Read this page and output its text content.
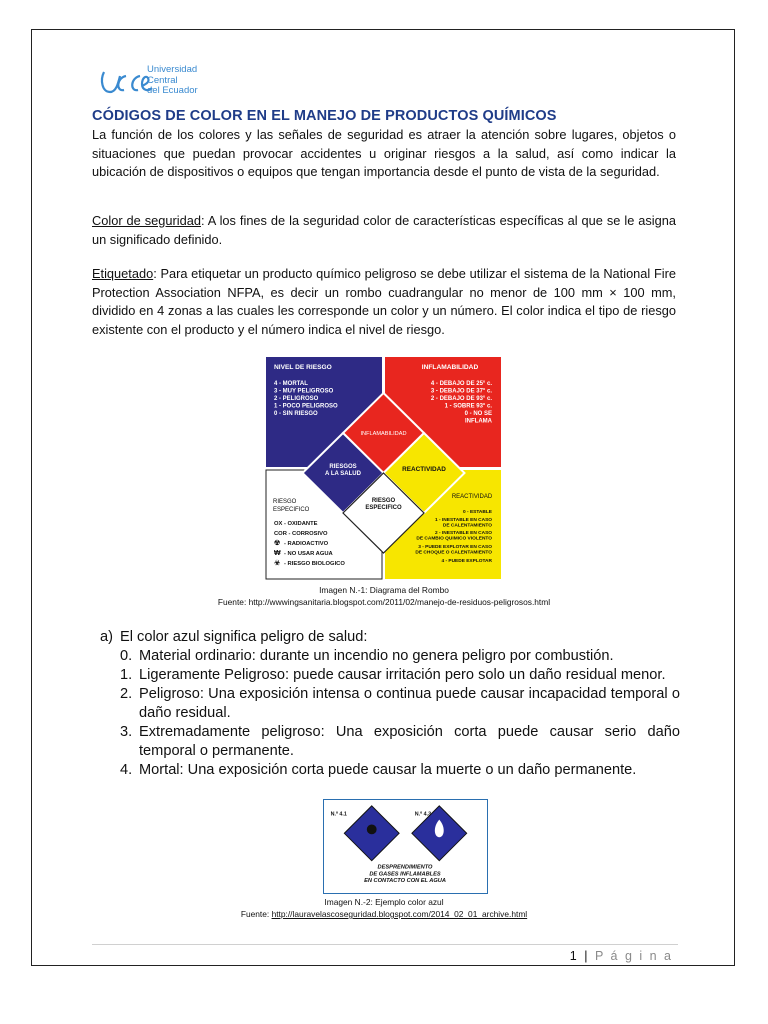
Universidad
Central
del Ecuador
CÓDIGOS DE COLOR EN EL MANEJO DE PRODUCTOS QUÍMICOS
La función de los colores y las señales de seguridad es atraer la atención sobre lugares, objetos o situaciones que puedan provocar accidentes u originar riesgos a la salud, así como indicar la ubicación de dispositivos o equipos que tengan importancia desde el punto de vista de la seguridad.
Color de seguridad: A los fines de la seguridad color de características específicas al que se le asigna un significado definido.
Etiquetado: Para etiquetar un producto químico peligroso se debe utilizar el sistema de la National Fire Protection Association NFPA, es decir un rombo cuadrangular no menor de 100 mm × 100 mm, dividido en 4 zonas a las cuales les corresponde un color y un número. El color indica el tipo de riesgo existente con el producto y el número indica el nivel de riesgo.
NIVEL DE RIESGO
4 - MORTAL
3 - MUY PELIGROSO
2 - PELIGROSO
1 - POCO PELIGROSO
0 - SIN RIESGO
INFLAMABILIDAD
4 - DEBAJO DE 25° c.
3 - DEBAJO DE 37° c.
2 - DEBAJO DE 93° c.
1 - SOBRE 93° c.
0 - NO SE
INFLAMA
INFLAMABILIDAD
RIESGOS
A LA SALUD
REACTIVIDAD
RIESGO
ESPECIFICO
RIESGO
ESPECIFICO
OX - OXIDANTE
COR - CORROSIVO
☢ - RADIOACTIVO
₩ - NO USAR AGUA
☣ - RIESGO BIOLOGICO
REACTIVIDAD
0 - ESTABLE
1 - INESTABLE EN CASO
DE CALENTAMIENTO
2 - INESTABLE EN CASO
DE CAMBIO QUIMICO VIOLENTO
3 - PUEDE EXPLOTAR EN CASO
DE CHOQUE O CALENTAMIENTO
4 - PUEDE EXPLOTAR
Imagen N.-1: Diagrama del Rombo
Fuente: http://wwwingsanitaria.blogspot.com/2011/02/manejo-de-residuos-peligrosos.html
a) El color azul significa peligro de salud:
0. Material ordinario: durante un incendio no genera peligro por combustión.
1. Ligeramente Peligroso: puede causar irritación pero solo un daño residual menor.
2. Peligroso: Una exposición intensa o continua puede causar incapacidad temporal o daño residual.
3. Extremadamente peligroso: Una exposición corta puede causar serio daño temporal o permanente.
4. Mortal: Una exposición corta puede causar la muerte o un daño permanente.
N.º 4.1	N.º 4.3
DESPRENDIMIENTO
DE GASES INFLAMABLES
EN CONTACTO CON EL AGUA
Imagen N.-2: Ejemplo color azul
Fuente: http://lauravelascoseguridad.blogspot.com/2014_02_01_archive.html
1 | P á g i n a
